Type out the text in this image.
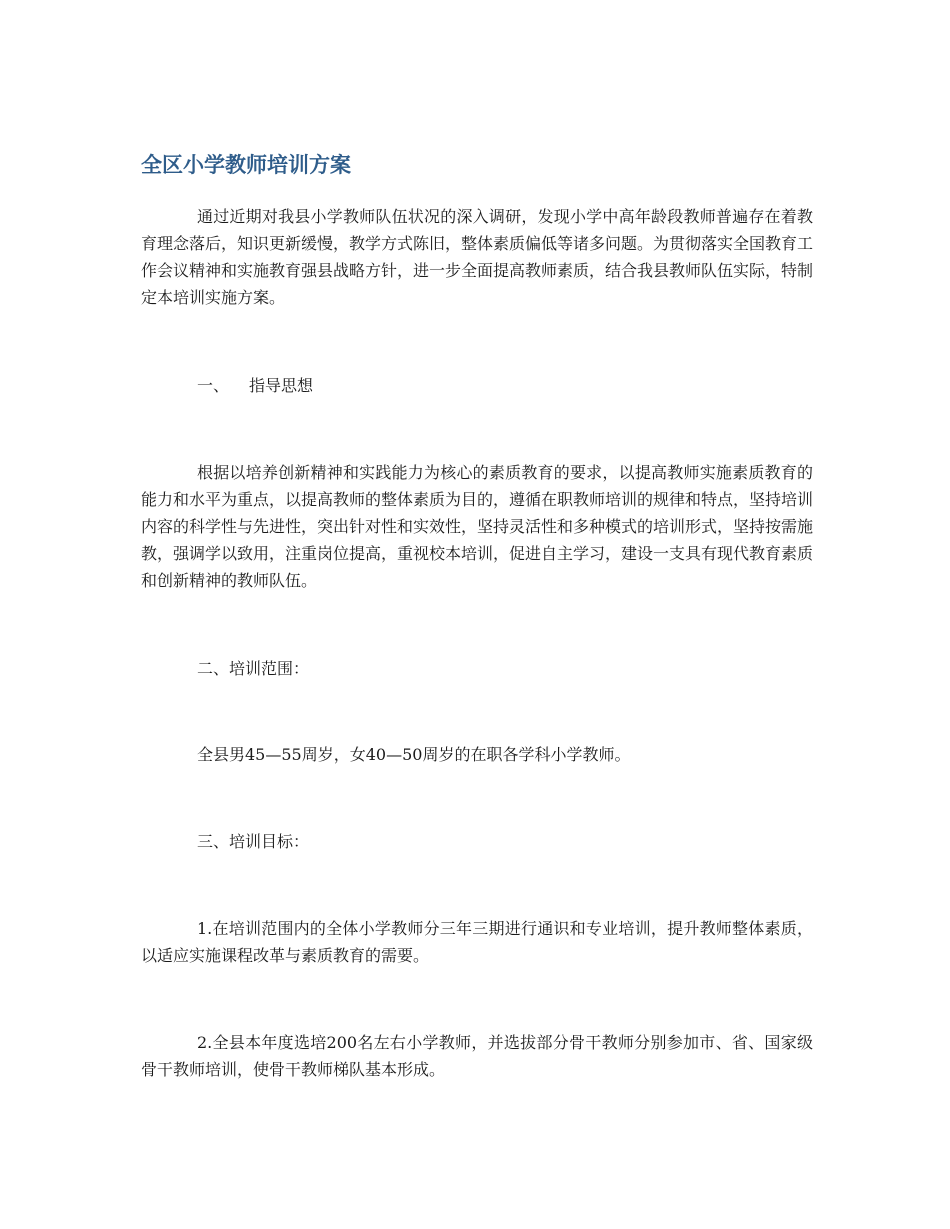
全区小学教师培训方案

通过近期对我县小学教师队伍状况的深入调研，发现小学中高年龄段教师普遍存在着教育理念落后，知识更新缓慢，教学方式陈旧，整体素质偏低等诸多问题。为贯彻落实全国教育工作会议精神和实施教育强县战略方针，进一步全面提高教师素质，结合我县教师队伍实际，特制定本培训实施方案。

一、 指导思想

根据以培养创新精神和实践能力为核心的素质教育的要求，以提高教师实施素质教育的能力和水平为重点，以提高教师的整体素质为目的，遵循在职教师培训的规律和特点，坚持培训内容的科学性与先进性，突出针对性和实效性，坚持灵活性和多种模式的培训形式，坚持按需施教，强调学以致用，注重岗位提高，重视校本培训，促进自主学习，建设一支具有现代教育素质和创新精神的教师队伍。

二、培训范围：

全县男45—55周岁，女40—50周岁的在职各学科小学教师。

三、培训目标：

1.在培训范围内的全体小学教师分三年三期进行通识和专业培训，提升教师整体素质，以适应实施课程改革与素质教育的需要。

2.全县本年度选培200名左右小学教师，并选拔部分骨干教师分别参加市、省、国家级骨干教师培训，使骨干教师梯队基本形成。
